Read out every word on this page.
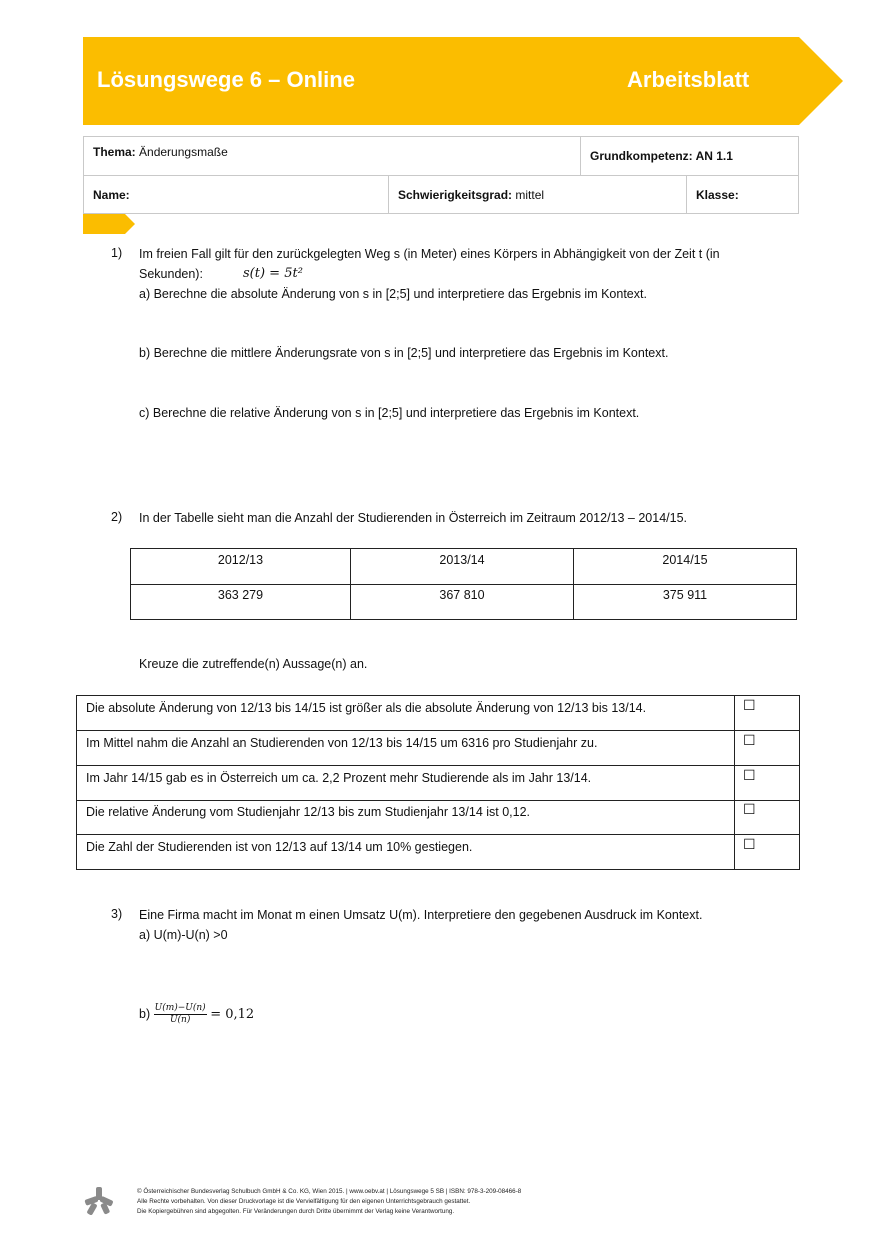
Lösungswege 6 – Online	Arbeitsblatt
Thema: Änderungsmaße	Grundkompetenz: AN 1.1
Name:	Schwierigkeitsgrad: mittel	Klasse:
1) Im freien Fall gilt für den zurückgelegten Weg s (in Meter) eines Körpers in Abhängigkeit von der Zeit t (in
Sekunden):	s(t) = 5t²
a) Berechne die absolute Änderung von s in [2;5] und interpretiere das Ergebnis im Kontext.
b) Berechne die mittlere Änderungsrate von s in [2;5] und interpretiere das Ergebnis im Kontext.
c) Berechne die relative Änderung von s in [2;5] und interpretiere das Ergebnis im Kontext.
2) In der Tabelle sieht man die Anzahl der Studierenden in Österreich im Zeitraum 2012/13 – 2014/15.
2012/13	2013/14	2014/15
363 279	367 810	375 911
Kreuze die zutreffende(n) Aussage(n) an.
Die absolute Änderung von 12/13 bis 14/15 ist größer als die absolute Änderung von 12/13 bis 13/14.	☐
Im Mittel nahm die Anzahl an Studierenden von 12/13 bis 14/15 um 6316 pro Studienjahr zu.	☐
Im Jahr 14/15 gab es in Österreich um ca. 2,2 Prozent mehr Studierende als im Jahr 13/14.	☐
Die relative Änderung vom Studienjahr 12/13 bis zum Studienjahr 13/14 ist 0,12.	☐
Die Zahl der Studierenden ist von 12/13 auf 13/14 um 10% gestiegen.	☐
3) Eine Firma macht im Monat m einen Umsatz U(m). Interpretiere den gegebenen Ausdruck im Kontext.
a) U(m)-U(n) >0
$b) \frac{U(m)-U(n)}{U(n)} = 0,12$
© Österreichischer Bundesverlag Schulbuch GmbH & Co. KG, Wien 2015. | www.oebv.at | Lösungswege 5 SB | ISBN: 978-3-209-08466-8
Alle Rechte vorbehalten. Von dieser Druckvorlage ist die Vervielfältigung für den eigenen Unterrichtsgebrauch gestattet.
Die Kopiergebühren sind abgegolten. Für Veränderungen durch Dritte übernimmt der Verlag keine Verantwortung.
